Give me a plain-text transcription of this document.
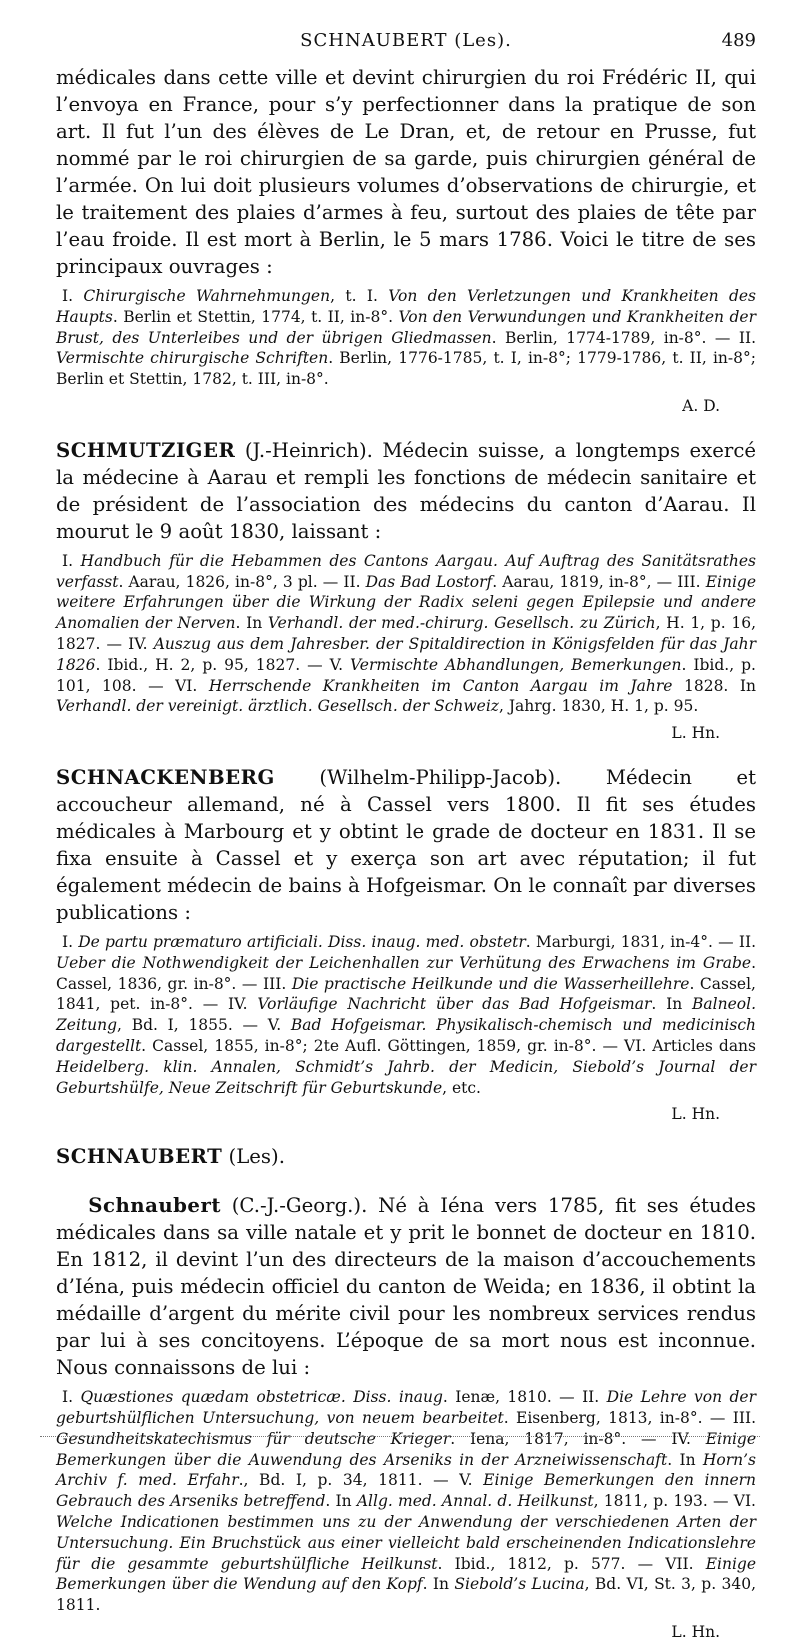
SCHNAUBERT (Les).	489

médicales dans cette ville et devint chirurgien du roi Frédéric II, qui l’envoya en France, pour s’y perfectionner dans la pratique de son art. Il fut l’un des élèves de Le Dran, et, de retour en Prusse, fut nommé par le roi chirurgien de sa garde, puis chirurgien général de l’armée. On lui doit plusieurs volumes d’observations de chirurgie, et le traitement des plaies d’armes à feu, surtout des plaies de tête par l’eau froide. Il est mort à Berlin, le 5 mars 1786. Voici le titre de ses principaux ouvrages :

I. Chirurgische Wahrnehmungen, t. I. Von den Verletzungen und Krankheiten des Haupts. Berlin et Stettin, 1774, t. II, in-8°. Von den Verwundungen und Krankheiten der Brust, des Unterleibes und der übrigen Gliedmassen. Berlin, 1774-1789, in-8°. — II. Vermischte chirurgische Schriften. Berlin, 1776-1785, t. I, in-8°; 1779-1786, t. II, in-8°; Berlin et Stettin, 1782, t. III, in-8°.

A. D.

SCHMUTZIGER (J.-Heinrich). Médecin suisse, a longtemps exercé la médecine à Aarau et rempli les fonctions de médecin sanitaire et de président de l’association des médecins du canton d’Aarau. Il mourut le 9 août 1830, laissant :

I. Handbuch für die Hebammen des Cantons Aargau. Auf Auftrag des Sanitätsrathes verfasst. Aarau, 1826, in-8°, 3 pl. — II. Das Bad Lostorf. Aarau, 1819, in-8°, — III. Einige weitere Erfahrungen über die Wirkung der Radix seleni gegen Epilepsie und andere Anomalien der Nerven. In Verhandl. der med.-chirurg. Gesellsch. zu Zürich, H. 1, p. 16, 1827. — IV. Auszug aus dem Jahresber. der Spitaldirection in Königsfelden für das Jahr 1826. Ibid., H. 2, p. 95, 1827. — V. Vermischte Abhandlungen, Bemerkungen. Ibid., p. 101, 108. — VI. Herrschende Krankheiten im Canton Aargau im Jahre 1828. In Verhandl. der vereinigt. ärztlich. Gesellsch. der Schweiz, Jahrg. 1830, H. 1, p. 95.

L. Hn.

SCHNACKENBERG (Wilhelm-Philipp-Jacob). Médecin et accoucheur allemand, né à Cassel vers 1800. Il fit ses études médicales à Marbourg et y obtint le grade de docteur en 1831. Il se fixa ensuite à Cassel et y exerça son art avec réputation; il fut également médecin de bains à Hofgeismar. On le connaît par diverses publications :

I. De partu præmaturo artificiali. Diss. inaug. med. obstetr. Marburgi, 1831, in-4°. — II. Ueber die Nothwendigkeit der Leichenhallen zur Verhütung des Erwachens im Grabe. Cassel, 1836, gr. in-8°. — III. Die practische Heilkunde und die Wasserheillehre. Cassel, 1841, pet. in-8°. — IV. Vorläufige Nachricht über das Bad Hofgeismar. In Balneol. Zeitung, Bd. I, 1855. — V. Bad Hofgeismar. Physikalisch-chemisch und medicinisch dargestellt. Cassel, 1855, in-8°; 2te Aufl. Göttingen, 1859, gr. in-8°. — VI. Articles dans Heidelberg. klin. Annalen, Schmidt’s Jahrb. der Medicin, Siebold’s Journal der Geburtshülfe, Neue Zeitschrift für Geburtskunde, etc.

L. Hn.

SCHNAUBERT (Les).

Schnaubert (C.-J.-Georg.). Né à Iéna vers 1785, fit ses études médicales dans sa ville natale et y prit le bonnet de docteur en 1810. En 1812, il devint l’un des directeurs de la maison d’accouchements d’Iéna, puis médecin officiel du canton de Weida; en 1836, il obtint la médaille d’argent du mérite civil pour les nombreux services rendus par lui à ses concitoyens. L’époque de sa mort nous est inconnue. Nous connaissons de lui :

I. Quæstiones quædam obstetricæ. Diss. inaug. Ienæ, 1810. — II. Die Lehre von der geburtshülflichen Untersuchung, von neuem bearbeitet. Eisenberg, 1813, in-8°. — III. Gesundheitskatechismus für deutsche Krieger. Iena, 1817, in-8°. — IV. Einige Bemerkungen über die Auwendung des Arseniks in der Arzneiwissenschaft. In Horn’s Archiv f. med. Erfahr., Bd. I, p. 34, 1811. — V. Einige Bemerkungen den innern Gebrauch des Arseniks betreffend. In Allg. med. Annal. d. Heilkunst, 1811, p. 193. — VI. Welche Indicationen bestimmen uns zu der Anwendung der verschiedenen Arten der Untersuchung. Ein Bruchstück aus einer vielleicht bald erscheinenden Indicationslehre für die gesammte geburtshülfliche Heilkunst. Ibid., 1812, p. 577. — VII. Einige Bemerkungen über die Wendung auf den Kopf. In Siebold’s Lucina, Bd. VI, St. 3, p. 340, 1811.

L. Hn.
